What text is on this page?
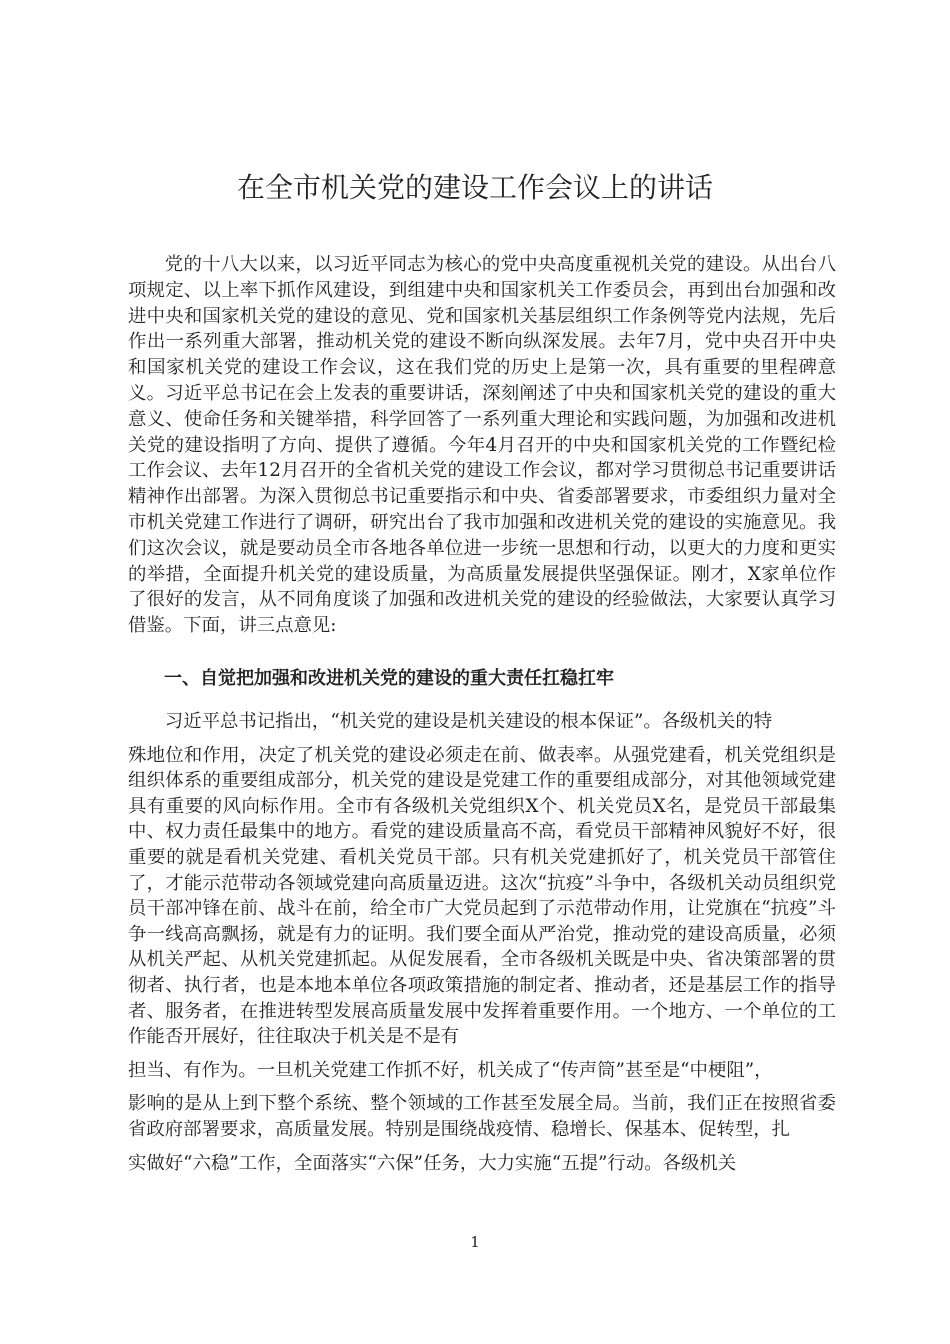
在全市机关党的建设工作会议上的讲话

党的十八大以来，以习近平同志为核心的党中央高度重视机关党的建设。从出台八项规定、以上率下抓作风建设，到组建中央和国家机关工作委员会，再到出台加强和改进中央和国家机关党的建设的意见、党和国家机关基层组织工作条例等党内法规，先后作出一系列重大部署，推动机关党的建设不断向纵深发展。去年7月，党中央召开中央和国家机关党的建设工作会议，这在我们党的历史上是第一次，具有重要的里程碑意义。习近平总书记在会上发表的重要讲话，深刻阐述了中央和国家机关党的建设的重大意义、使命任务和关键举措，科学回答了一系列重大理论和实践问题，为加强和改进机关党的建设指明了方向、提供了遵循。今年4月召开的中央和国家机关党的工作暨纪检工作会议、去年12月召开的全省机关党的建设工作会议，都对学习贯彻总书记重要讲话精神作出部署。为深入贯彻总书记重要指示和中央、省委部署要求，市委组织力量对全市机关党建工作进行了调研，研究出台了我市加强和改进机关党的建设的实施意见。我们这次会议，就是要动员全市各地各单位进一步统一思想和行动，以更大的力度和更实的举措，全面提升机关党的建设质量，为高质量发展提供坚强保证。刚才，X家单位作了很好的发言，从不同角度谈了加强和改进机关党的建设的经验做法，大家要认真学习借鉴。下面，讲三点意见:

一、自觉把加强和改进机关党的建设的重大责任扛稳扛牢

习近平总书记指出，“机关党的建设是机关建设的根本保证”。各级机关的特

殊地位和作用，决定了机关党的建设必须走在前、做表率。从强党建看，机关党组织是组织体系的重要组成部分，机关党的建设是党建工作的重要组成部分，对其他领域党建具有重要的风向标作用。全市有各级机关党组织X个、机关党员X名，是党员干部最集中、权力责任最集中的地方。看党的建设质量高不高，看党员干部精神风貌好不好，很重要的就是看机关党建、看机关党员干部。只有机关党建抓好了，机关党员干部管住了，才能示范带动各领域党建向高质量迈进。这次“抗疫”斗争中，各级机关动员组织党员干部冲锋在前、战斗在前，给全市广大党员起到了示范带动作用，让党旗在“抗疫”斗争一线高高飘扬，就是有力的证明。我们要全面从严治党，推动党的建设高质量，必须从机关严起、从机关党建抓起。从促发展看，全市各级机关既是中央、省决策部署的贯彻者、执行者，也是本地本单位各项政策措施的制定者、推动者，还是基层工作的指导者、服务者，在推进转型发展高质量发展中发挥着重要作用。一个地方、一个单位的工作能否开展好，往往取决于机关是不是有
担当、有作为。一旦机关党建工作抓不好，机关成了“传声筒”甚至是“中梗阻”，
影响的是从上到下整个系统、整个领域的工作甚至发展全局。当前，我们正在按照省委省政府部署要求，高质量发展。特别是围绕战疫情、稳增长、保基本、促转型，扎
实做好“六稳”工作，全面落实“六保”任务，大力实施“五提”行动。各级机关
1
